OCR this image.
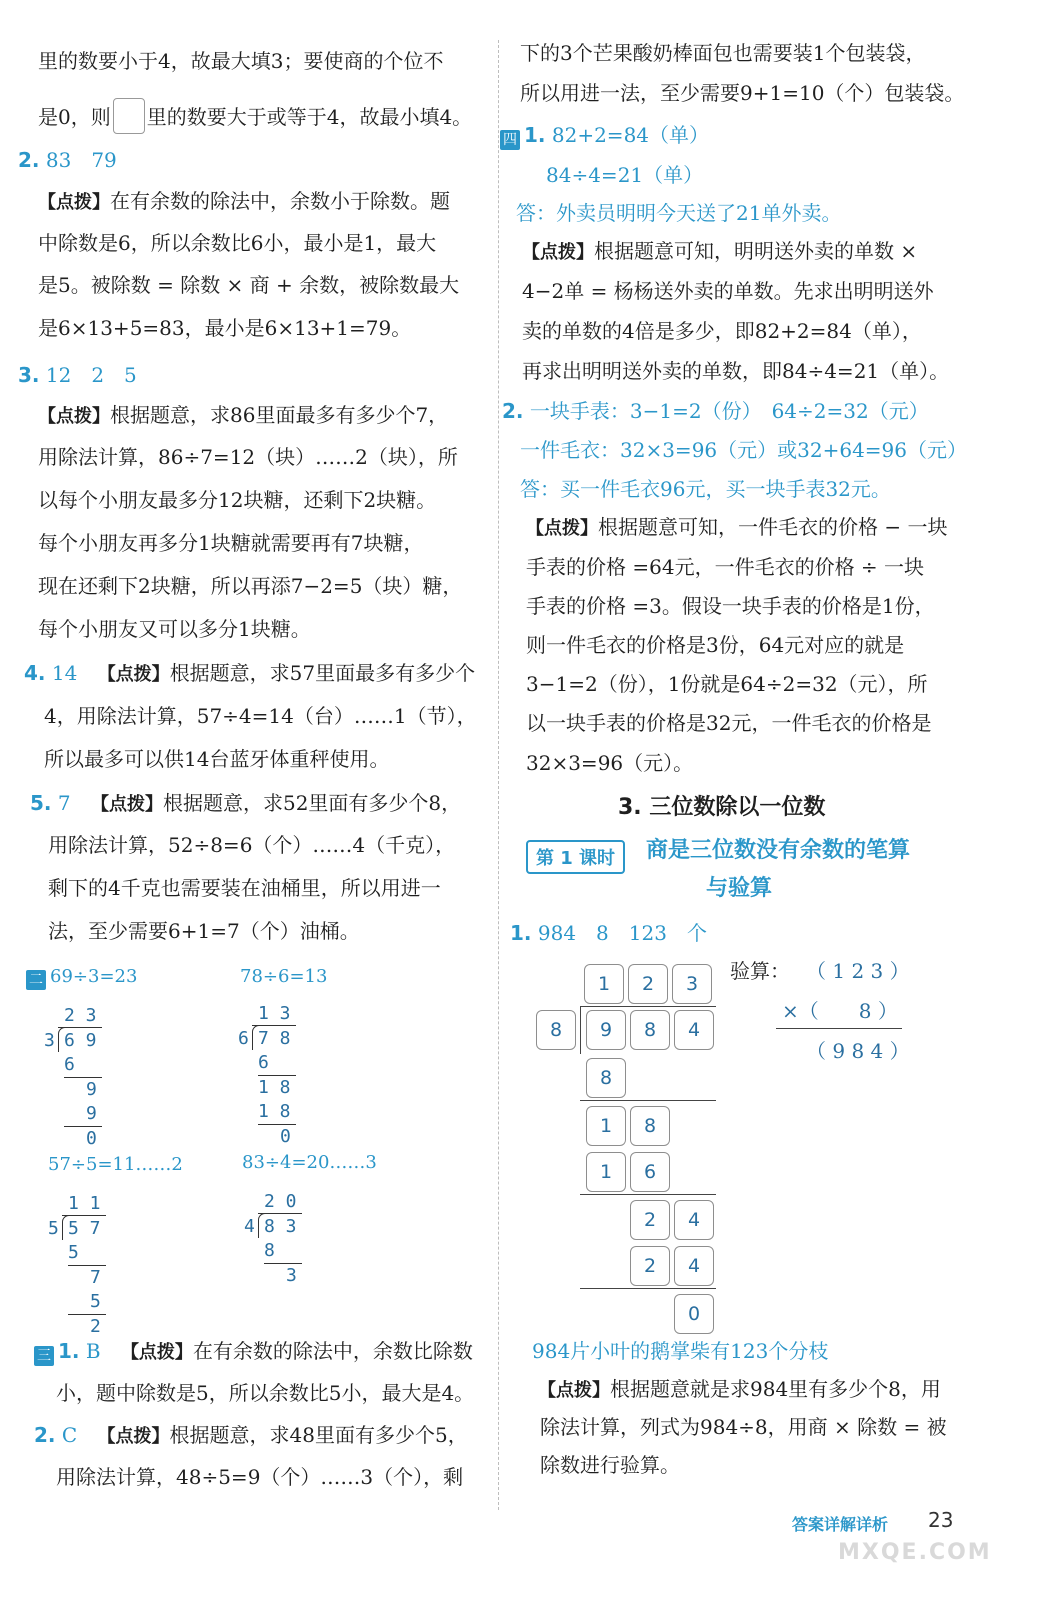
里的数要小于4，故最大填3；要使商的个位不
是0，则 里的数要大于或等于4，故最小填4。
2. 83　79
【点拨】在有余数的除法中，余数小于除数。题
中除数是6，所以余数比6小，最小是1，最大
是5。被除数 = 除数 × 商 + 余数，被除数最大
是6×13+5=83，最小是6×13+1=79。
3. 12　2　5
【点拨】根据题意，求86里面最多有多少个7，
用除法计算，86÷7=12（块）……2（块），所
以每个小朋友最多分12块糖，还剩下2块糖。
每个小朋友再多分1块糖就需要再有7块糖，
现在还剩下2块糖，所以再添7−2=5（块）糖，
每个小朋友又可以多分1块糖。
4. 14 【点拨】根据题意，求57里面最多有多少个
4，用除法计算，57÷4=14（台）……1（节），
所以最多可以供14台蓝牙体重秤使用。
5. 7 【点拨】根据题意，求52里面有多少个8，
用除法计算，52÷8=6（个）……4（千克），
剩下的4千克也需要装在油桶里，所以用进一
法，至少需要6+1=7（个）油桶。
二 69÷3=23	78÷6=13
2 3
3 6 9
6
9
9
0
1 3
6 7 8
6
1 8
1 8
0
57÷5=11……2	83÷4=20……3
1 1
5 5 7
5
7
5
2
2 0
4 8 3
8
3
三 1. B 【点拨】在有余数的除法中，余数比除数
小，题中除数是5，所以余数比5小，最大是4。
2. C 【点拨】根据题意，求48里面有多少个5，
用除法计算，48÷5=9（个）……3（个），剩
下的3个芒果酸奶棒面包也需要装1个包装袋，
所以用进一法，至少需要9+1=10（个）包装袋。
四 1. 82+2=84（单）
84÷4=21（单）
答：外卖员明明今天送了21单外卖。
【点拨】根据题意可知，明明送外卖的单数 ×
4−2单 = 杨杨送外卖的单数。先求出明明送外
卖的单数的4倍是多少，即82+2=84（单），
再求出明明送外卖的单数，即84÷4=21（单）。
2. 一块手表：3−1=2（份）　64÷2=32（元）
一件毛衣：32×3=96（元）或32+64=96（元）
答：买一件毛衣96元，买一块手表32元。
【点拨】根据题意可知，一件毛衣的价格 − 一块
手表的价格 =64元，一件毛衣的价格 ÷ 一块
手表的价格 =3。假设一块手表的价格是1份，
则一件毛衣的价格是3份，64元对应的就是
3−1=2（份），1份就是64÷2=32（元），所
以一块手表的价格是32元，一件毛衣的价格是
32×3=96（元）。
3. 三位数除以一位数
第 1 课时	商是三位数没有余数的笔算
与验算
1. 984　8　123　个
1	2	3
8	9	8	4
8
1	8
1	6
2	4
2	4
0
验算： （ 1 2 3 ）
×（　　8 ）
（ 9 8 4 ）
984片小叶的鹅掌柴有123个分枝
【点拨】根据题意就是求984里有多少个8，用
除法计算，列式为984÷8，用商 × 除数 = 被
除数进行验算。
答案详解详析 23
MXQE.COM
